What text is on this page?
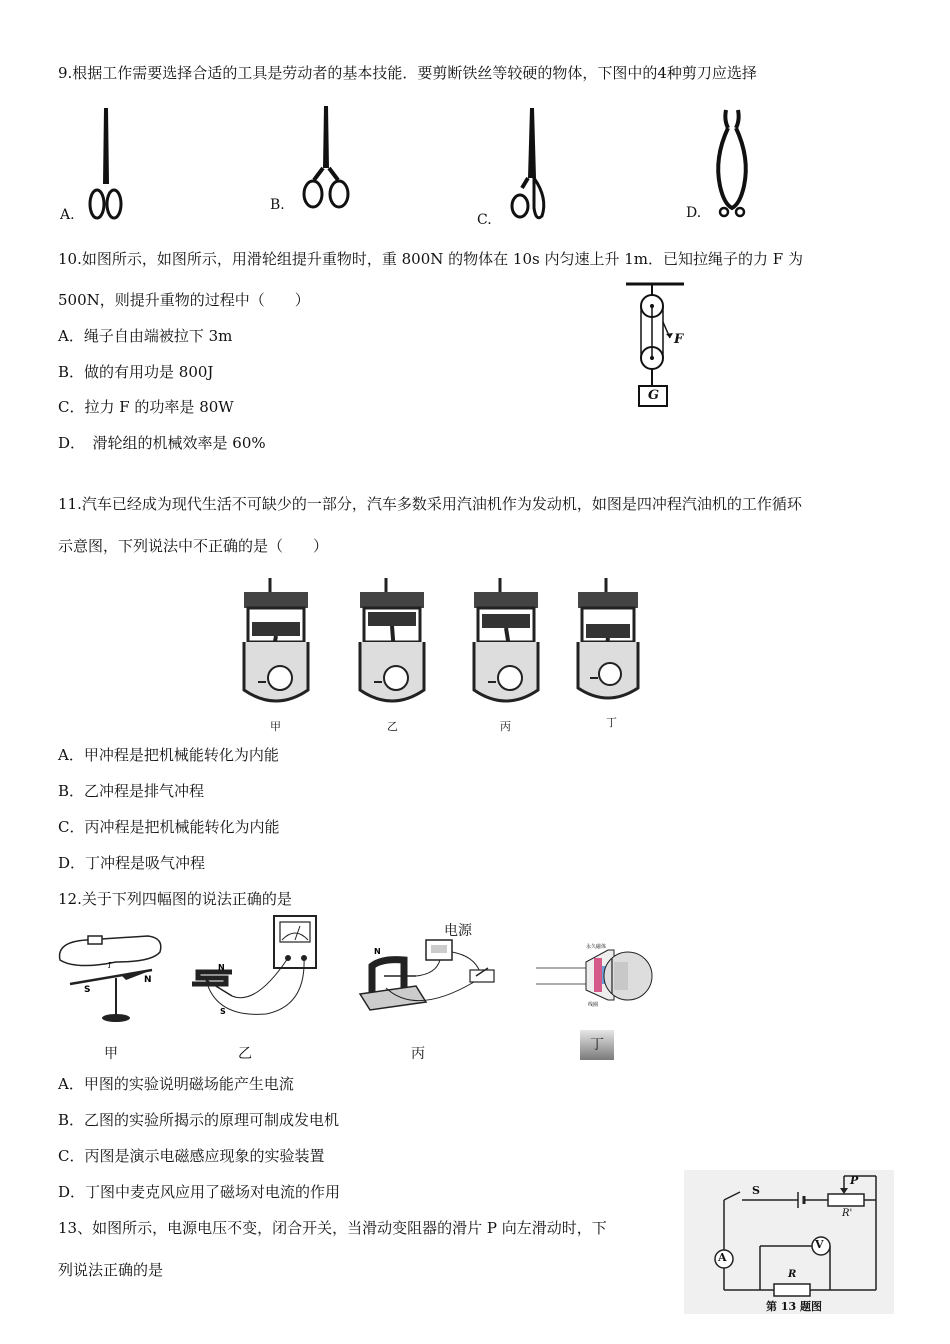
9.根据工作需要选择合适的工具是劳动者的基本技能．要剪断铁丝等较硬的物体，下图中的4种剪刀应选择
A.
B.
C.	D.
10.如图所示，如图所示，用滑轮组提升重物时，重 800N 的物体在 10s 内匀速上升 1m．已知拉绳子的力 F 为
500N，则提升重物的过程中（　　）
A．绳子自由端被拉下 3m
B．做的有用功是 800J
C．拉力 F 的功率是 80W
D．　滑轮组的机械效率是 60%
F
G
11.汽车已经成为现代生活不可缺少的一部分，汽车多数采用汽油机作为发动机，如图是四冲程汽油机的工作循环
示意图，下列说法中不正确的是（　　）
甲	乙	丙	丁
A．甲冲程是把机械能转化为内能
B．乙冲程是排气冲程
C．丙冲程是把机械能转化为内能
D．丁冲程是吸气冲程
12.关于下列四幅图的说法正确的是
S
N
I	N
S
N
电源
永久磁体
线圈
甲	乙	丙
丁
A．甲图的实验说明磁场能产生电流
B．乙图的实验所揭示的原理可制成发电机
C．丙图是演示电磁感应现象的实验装置
D．丁图中麦克风应用了磁场对电流的作用
13、如图所示，电源电压不变，闭合开关，当滑动变阻器的滑片 P 向左滑动时，下
列说法正确的是
S
P
R'
A
V
R
第 13 题图
